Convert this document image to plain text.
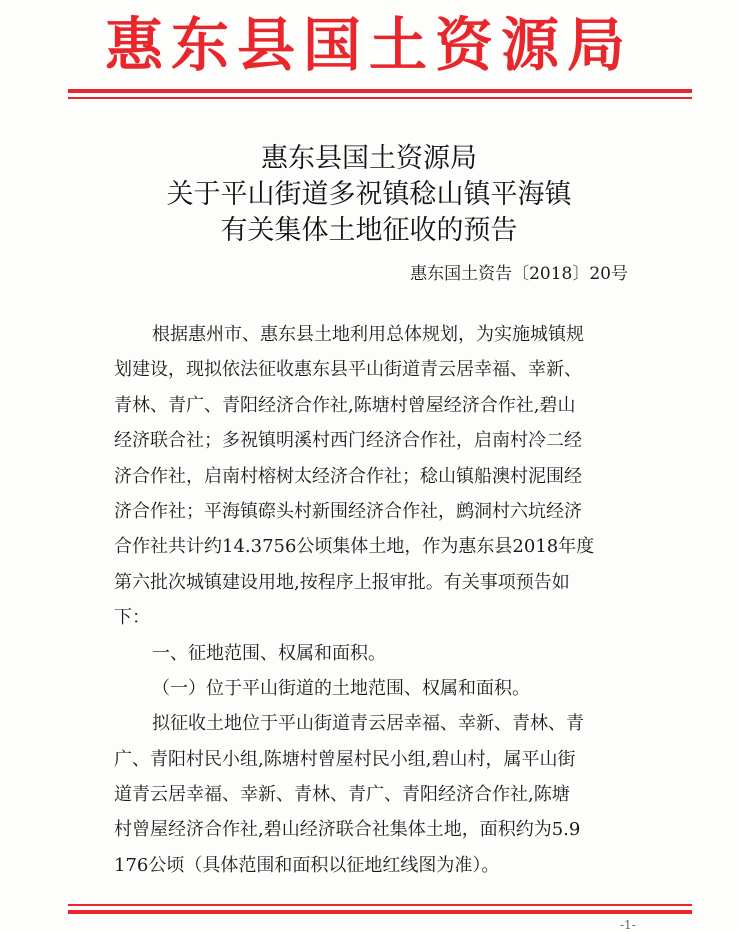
惠东县国土资源局
惠东县国土资源局
关于平山街道多祝镇稔山镇平海镇
有关集体土地征收的预告
惠东国土资告〔2018〕20号
根据惠州市、惠东县土地利用总体规划，为实施城镇规
划建设，现拟依法征收惠东县平山街道青云居幸福、幸新、
青林、青广、青阳经济合作社,陈塘村曾屋经济合作社,碧山
经济联合社；多祝镇明溪村西门经济合作社，启南村冷二经
济合作社，启南村榕树太经济合作社；稔山镇船澳村泥围经
济合作社；平海镇磜头村新围经济合作社，鹧洞村六坑经济
合作社共计约14.3756公顷集体土地，作为惠东县2018年度
第六批次城镇建设用地,按程序上报审批。有关事项预告如
下：
一、征地范围、权属和面积。
（一）位于平山街道的土地范围、权属和面积。
拟征收土地位于平山街道青云居幸福、幸新、青林、青
广、青阳村民小组,陈塘村曾屋村民小组,碧山村，属平山街
道青云居幸福、幸新、青林、青广、青阳经济合作社,陈塘
村曾屋经济合作社,碧山经济联合社集体土地，面积约为5.9
176公顷（具体范围和面积以征地红线图为准）。
-1-
